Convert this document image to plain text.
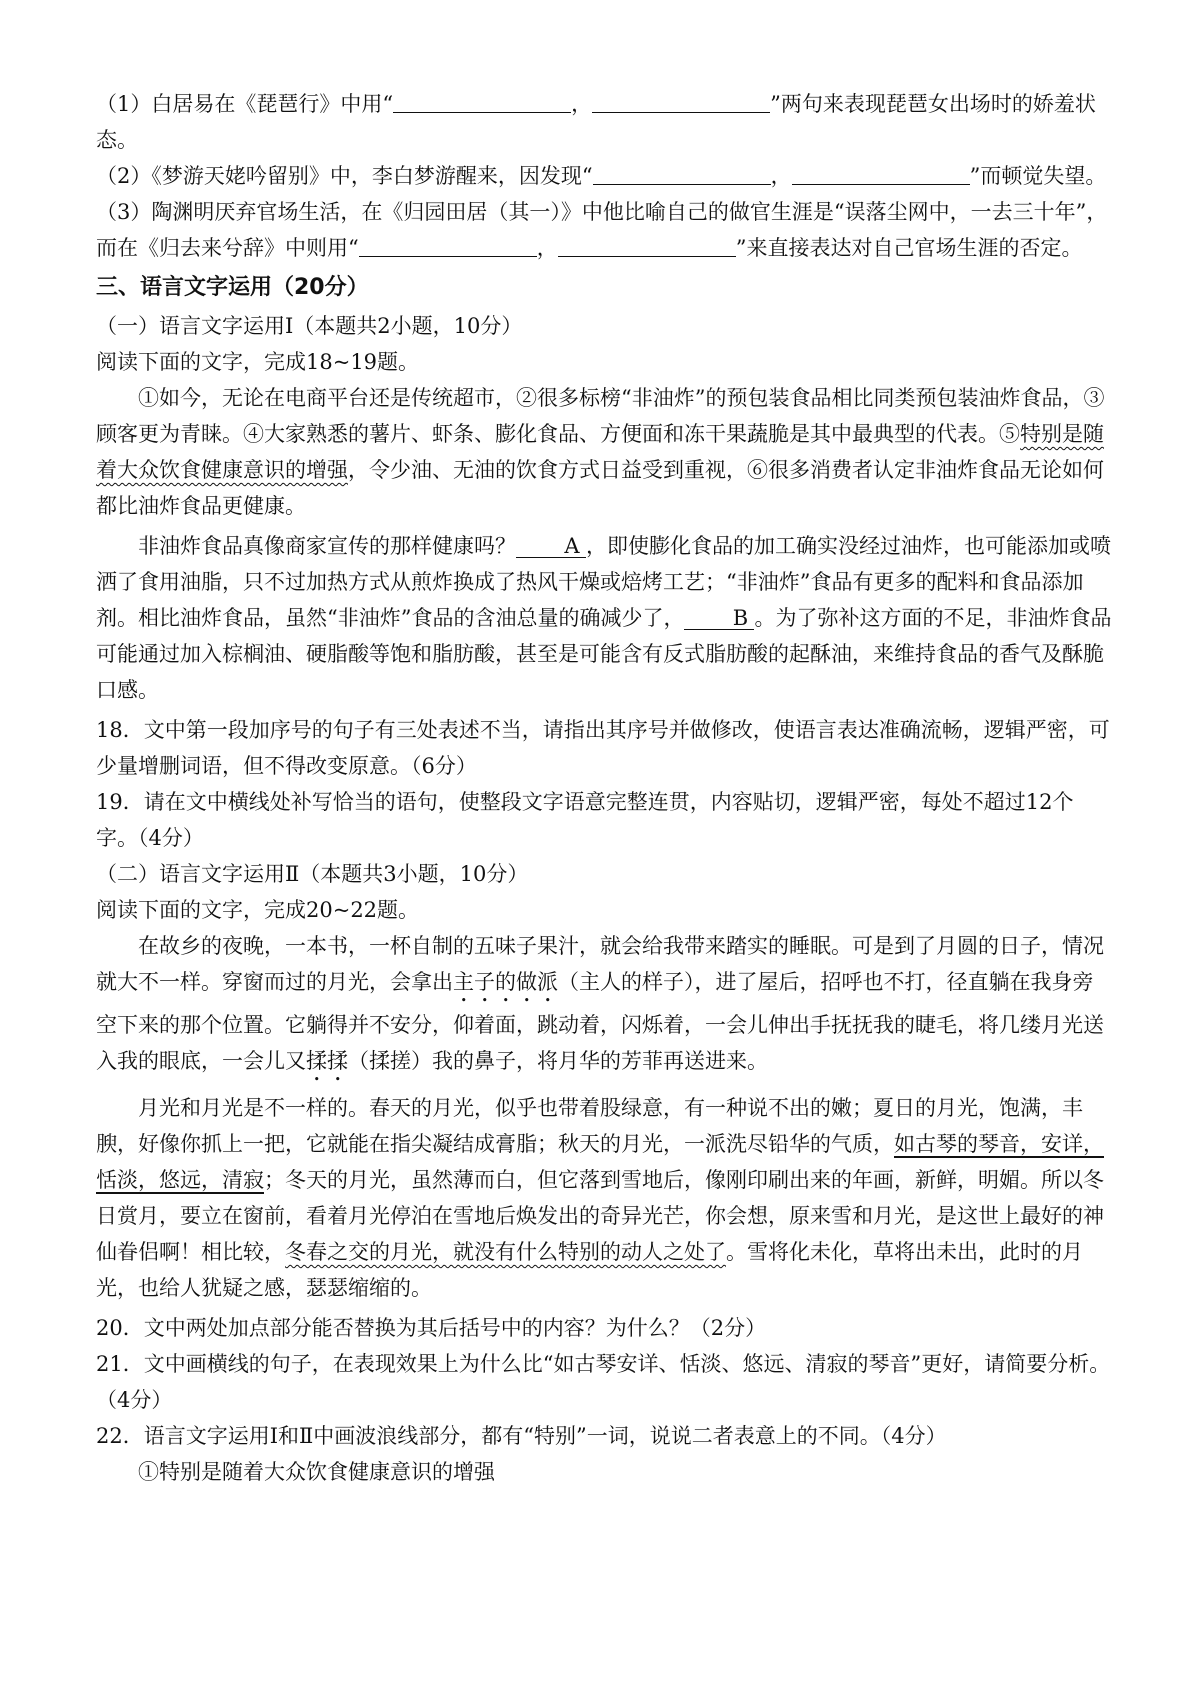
（1）白居易在《琵琶行》中用“	，	”两句来表现琵琶女出场时的娇羞状
态。
（2）《梦游天姥吟留别》中，李白梦游醒来，因发现“	，	”而顿觉失望。
（3）陶渊明厌弃官场生活，在《归园田居（其一）》中他比喻自己的做官生涯是“误落尘网中，一去三十年”，
而在《归去来兮辞》中则用“	，	”来直接表达对自己官场生涯的否定。
三、语言文字运用（20分）
（一）语言文字运用Ⅰ（本题共2小题，10分）
阅读下面的文字，完成18~19题。
①如今，无论在电商平台还是传统超市，②很多标榜“非油炸”的预包装食品相比同类预包装油炸食品，③顾客更为青睐。④大家熟悉的薯片、虾条、膨化食品、方便面和冻干果蔬脆是其中最典型的代表。⑤特别是随着大众饮食健康意识的增强，令少油、无油的饮食方式日益受到重视，⑥很多消费者认定非油炸食品无论如何都比油炸食品更健康。
非油炸食品真像商家宣传的那样健康吗？ A ，即使膨化食品的加工确实没经过油炸，也可能添加或喷洒了食用油脂，只不过加热方式从煎炸换成了热风干燥或焙烤工艺；“非油炸”食品有更多的配料和食品添加剂。相比油炸食品，虽然“非油炸”食品的含油总量的确减少了， B 。为了弥补这方面的不足，非油炸食品可能通过加入棕榈油、硬脂酸等饱和脂肪酸，甚至是可能含有反式脂肪酸的起酥油，来维持食品的香气及酥脆口感。
18．文中第一段加序号的句子有三处表述不当，请指出其序号并做修改，使语言表达准确流畅，逻辑严密，可少量增删词语，但不得改变原意。（6分）
19．请在文中横线处补写恰当的语句，使整段文字语意完整连贯，内容贴切，逻辑严密，每处不超过12个字。（4分）
（二）语言文字运用Ⅱ（本题共3小题，10分）
阅读下面的文字，完成20~22题。
在故乡的夜晚，一本书，一杯自制的五味子果汁，就会给我带来踏实的睡眠。可是到了月圆的日子，情况就大不一样。穿窗而过的月光，会拿出主子的做派（主人的样子），进了屋后，招呼也不打，径直躺在我身旁空下来的那个位置。它躺得并不安分，仰着面，跳动着，闪烁着，一会儿伸出手抚抚我的睫毛，将几缕月光送入我的眼底，一会儿又揉揉（揉搓）我的鼻子，将月华的芳菲再送进来。
月光和月光是不一样的。春天的月光，似乎也带着股绿意，有一种说不出的嫩；夏日的月光，饱满，丰腴，好像你抓上一把，它就能在指尖凝结成膏脂；秋天的月光，一派洗尽铅华的气质，如古琴的琴音，安详，恬淡，悠远，清寂；冬天的月光，虽然薄而白，但它落到雪地后，像刚印刷出来的年画，新鲜，明媚。所以冬日赏月，要立在窗前，看着月光停泊在雪地后焕发出的奇异光芒，你会想，原来雪和月光，是这世上最好的神仙眷侣啊！相比较，冬春之交的月光，就没有什么特别的动人之处了。雪将化未化，草将出未出，此时的月光，也给人犹疑之感，瑟瑟缩缩的。
20．文中两处加点部分能否替换为其后括号中的内容？为什么？（2分）
21．文中画横线的句子，在表现效果上为什么比“如古琴安详、恬淡、悠远、清寂的琴音”更好，请简要分析。（4分）
22．语言文字运用Ⅰ和Ⅱ中画波浪线部分，都有“特别”一词，说说二者表意上的不同。（4分）
①特别是随着大众饮食健康意识的增强
